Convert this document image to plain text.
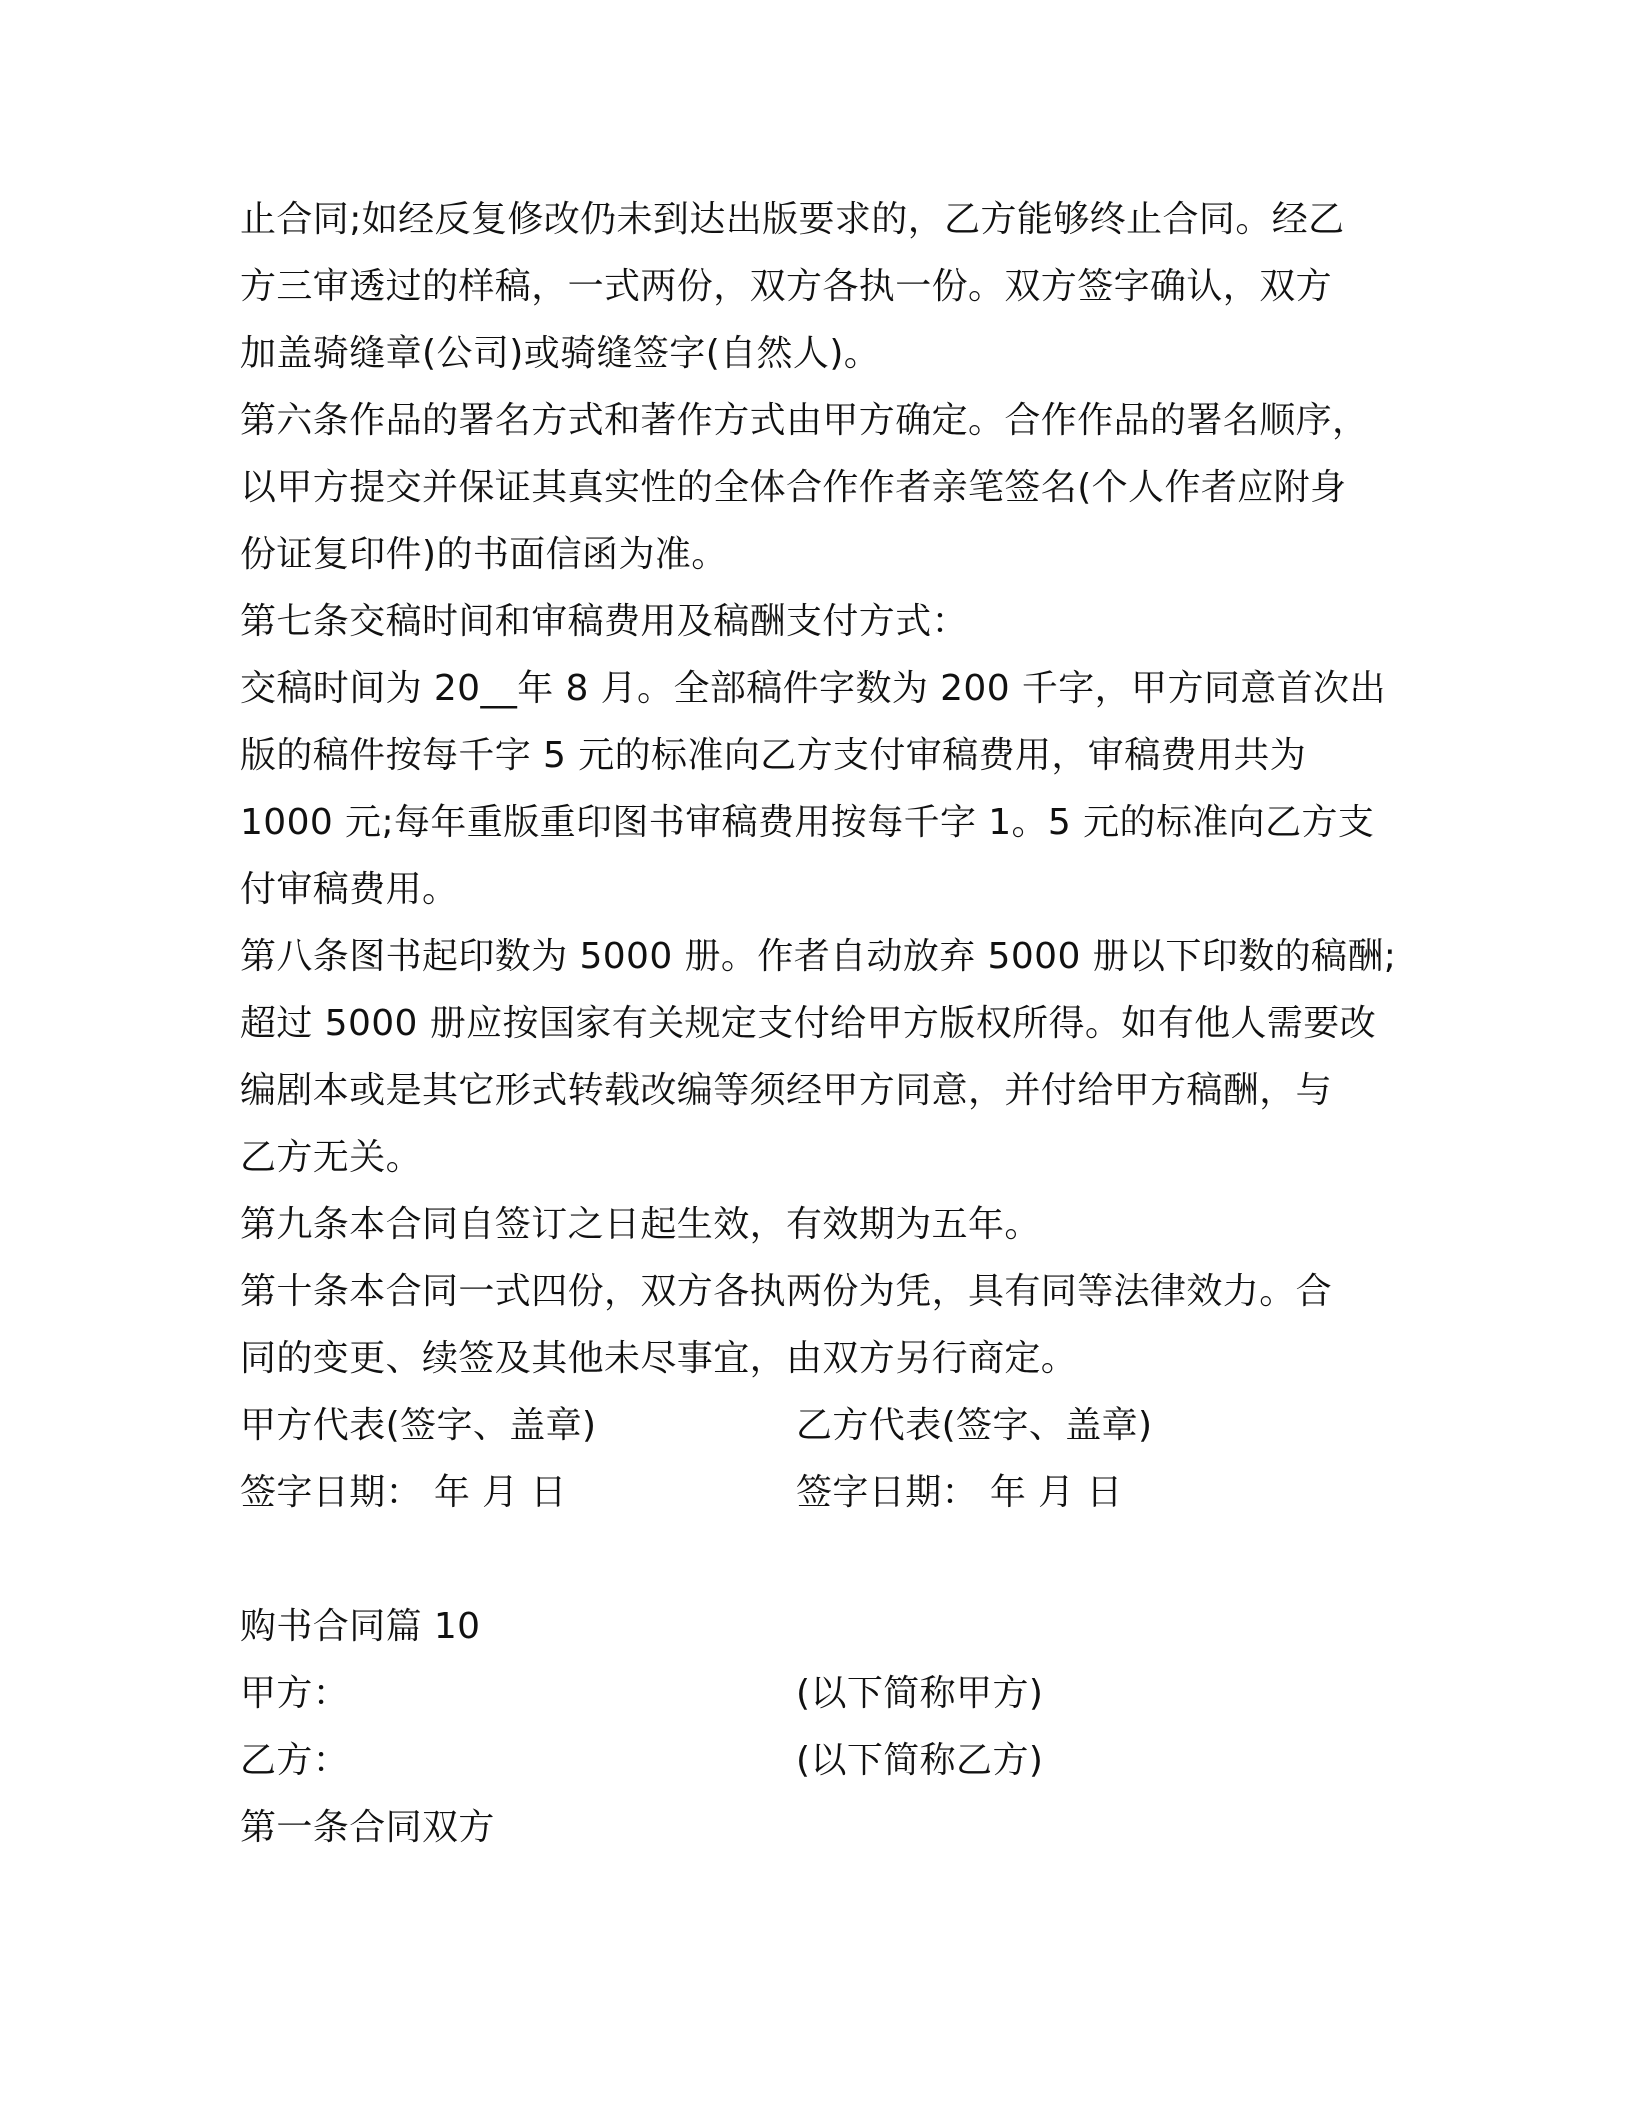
止合同;如经反复修改仍未到达出版要求的，乙方能够终止合同。经乙
方三审透过的样稿，一式两份，双方各执一份。双方签字确认，双方
加盖骑缝章(公司)或骑缝签字(自然人)。
第六条作品的署名方式和著作方式由甲方确定。合作作品的署名顺序，
以甲方提交并保证其真实性的全体合作作者亲笔签名(个人作者应附身
份证复印件)的书面信函为准。
第七条交稿时间和审稿费用及稿酬支付方式：
交稿时间为 20__年 8 月。全部稿件字数为 200 千字，甲方同意首次出
版的稿件按每千字 5 元的标准向乙方支付审稿费用，审稿费用共为
1000 元;每年重版重印图书审稿费用按每千字 1。5 元的标准向乙方支
付审稿费用。
第八条图书起印数为 5000 册。作者自动放弃 5000 册以下印数的稿酬;
超过 5000 册应按国家有关规定支付给甲方版权所得。如有他人需要改
编剧本或是其它形式转载改编等须经甲方同意，并付给甲方稿酬，与
乙方无关。
第九条本合同自签订之日起生效，有效期为五年。
第十条本合同一式四份，双方各执两份为凭，具有同等法律效力。合
同的变更、续签及其他未尽事宜，由双方另行商定。
甲方代表(签字、盖章)	乙方代表(签字、盖章)
签字日期： 年 月 日	签字日期： 年 月 日
购书合同篇 10
甲方：	(以下简称甲方)
乙方：	(以下简称乙方)
第一条合同双方
